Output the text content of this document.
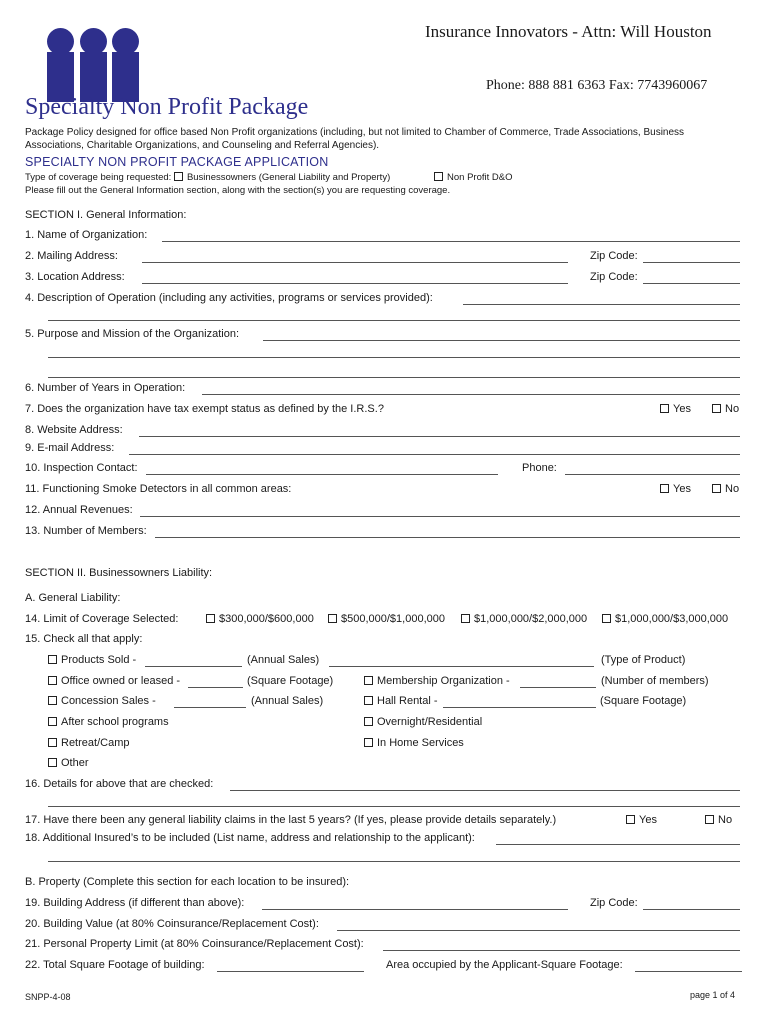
Insurance Innovators - Attn: Will Houston
Phone: 888 881 6363 Fax: 7743960067
Specialty Non Profit Package
Package Policy designed for office based Non Profit organizations (including, but not limited to Chamber of Commerce, Trade Associations, Business Associations, Charitable Organizations, and Counseling and Referral Agencies).
SPECIALTY NON PROFIT PACKAGE APPLICATION
Type of coverage being requested: Businessowners (General Liability and Property)	Non Profit D&O
Please fill out the General Information section, along with the section(s) you are requesting coverage.
SECTION I. General Information:
1. Name of Organization:
2. Mailing Address:	Zip Code:
3. Location Address:	Zip Code:
4. Description of Operation (including any activities, programs or services provided):
5. Purpose and Mission of the Organization:
6. Number of Years in Operation:
7. Does the organization have tax exempt status as defined by the I.R.S.?	Yes	No
8. Website Address:
9. E-mail Address:
10. Inspection Contact:	Phone:
11. Functioning Smoke Detectors in all common areas:	Yes	No
12. Annual Revenues:
13. Number of Members:
SECTION II. Businessowners Liability:
A. General Liability:
14. Limit of Coverage Selected:	$300,000/$600,000	$500,000/$1,000,000	$1,000,000/$2,000,000	$1,000,000/$3,000,000
15. Check all that apply:
Products Sold -	(Annual Sales)	(Type of Product)
Office owned or leased -	(Square Footage)	Membership Organization -	(Number of members)
Concession Sales -	(Annual Sales)	Hall Rental -	(Square Footage)
After school programs	Overnight/Residential
Retreat/Camp	In Home Services
Other
16. Details for above that are checked:
17. Have there been any general liability claims in the last 5 years? (If yes, please provide details separately.)	Yes	No
18. Additional Insured’s to be included (List name, address and relationship to the applicant):
B. Property (Complete this section for each location to be insured):
19. Building Address (if different than above):	Zip Code:
20. Building Value (at 80% Coinsurance/Replacement Cost):
21. Personal Property Limit (at 80% Coinsurance/Replacement Cost):
22. Total Square Footage of building:	Area occupied by the Applicant-Square Footage:
SNPP-4-08	page 1 of 4
